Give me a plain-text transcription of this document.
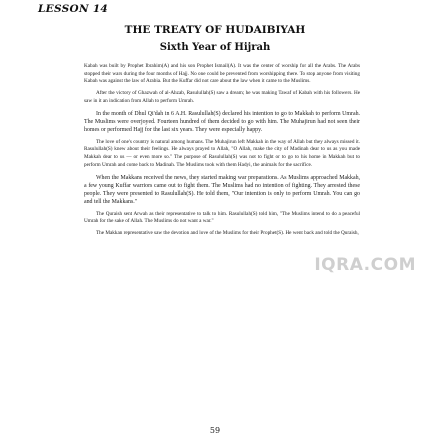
LESSON 14
THE TREATY OF HUDAIBIYAH
Sixth Year of Hijrah
IQRA.COM

Kabah was built by Prophet Ibrahim(A) and his son Prophet Ismail(A). It was the center of worship for all the Arabs. The Arabs stopped their wars during the four months of Hajj. No one could be prevented from worshipping there. To stop anyone from visiting Kabah was against the law of Arabia. But the Kuffar did not care about the law when it came to the Muslims.

After the victory of Ghazwah of al-Ahzab, Rasulullah(S) saw a dream; he was making Tawaf of Kabah with his followers. He saw in it an indication from Allah to perform Umrah.

In the month of Dhul Qi'dah in 6 A.H. Rasulullah(S) declared his intention to go to Makkah to perform Umrah. The Muslims were overjoyed. Fourteen hundred of them decided to go with him. The Muhajirun had not seen their homes or performed Hajj for the last six years. They were especially happy.

The love of one's country is natural among humans. The Muhajirun left Makkah in the way of Allah but they always missed it. Rasulullah(S) knew about their feelings. He always prayed to Allah, "O Allah, make the city of Madinah dear to us as you made Makkah dear to us — or even more so." The purpose of Rasulullah(S) was not to fight or to go to his home in Makkah but to perform Umrah and come back to Madinah. The Muslims took with them Hadyi, the animals for the sacrifice.

When the Makkans received the news, they started making war preparations. As Muslims approached Makkah, a few young Kuffar warriors came out to fight them. The Muslims had no intention of fighting. They arrested these people. They were presented to Rasulullah(S). He told them, "Our intention is only to perform Umrah. You can go and tell the Makkans."

The Quraish sent Arwah as their representative to talk to him. Rasulullah(S) told him, "The Muslims intend to do a peaceful Umrah for the sake of Allah. The Muslims do not want a war."

The Makkan representative saw the devotion and love of the Muslims for their Prophet(S). He went back and told the Quraish,

59
